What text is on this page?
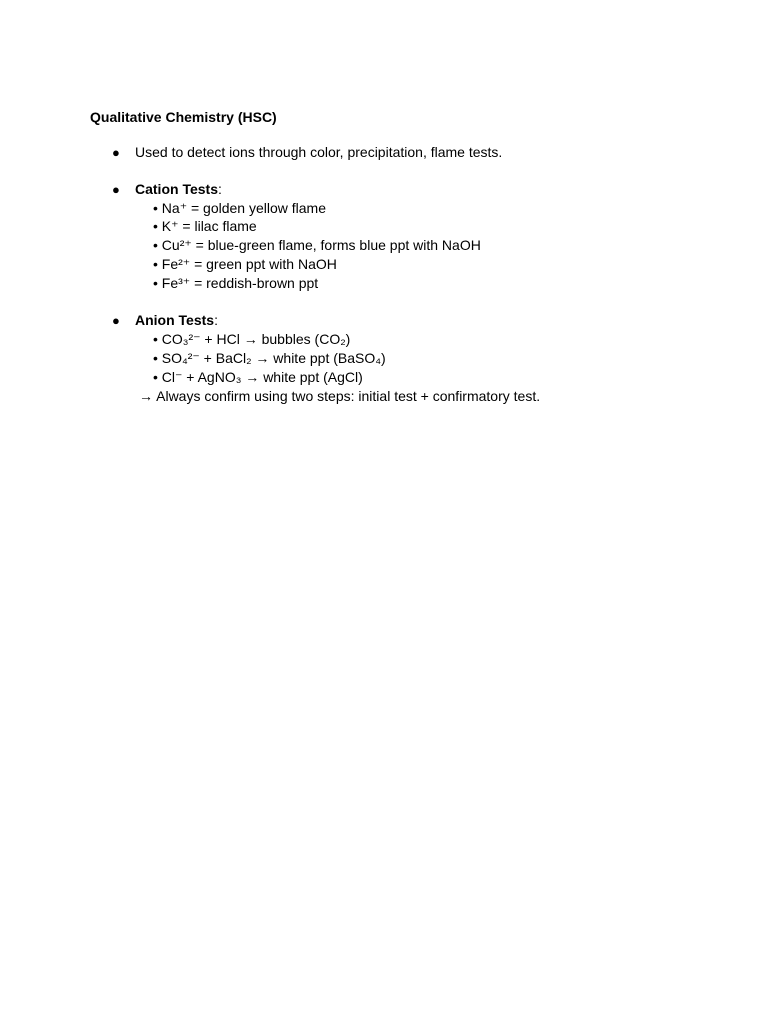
Qualitative Chemistry (HSC)
● Used to detect ions through color, precipitation, flame tests.
● Cation Tests:
• Na⁺ = golden yellow flame
• K⁺ = lilac flame
• Cu²⁺ = blue-green flame, forms blue ppt with NaOH
• Fe²⁺ = green ppt with NaOH
• Fe³⁺ = reddish-brown ppt
● Anion Tests:
• CO₃²⁻ + HCl → bubbles (CO₂)
• SO₄²⁻ + BaCl₂ → white ppt (BaSO₄)
• Cl⁻ + AgNO₃ → white ppt (AgCl)
→ Always confirm using two steps: initial test + confirmatory test.
